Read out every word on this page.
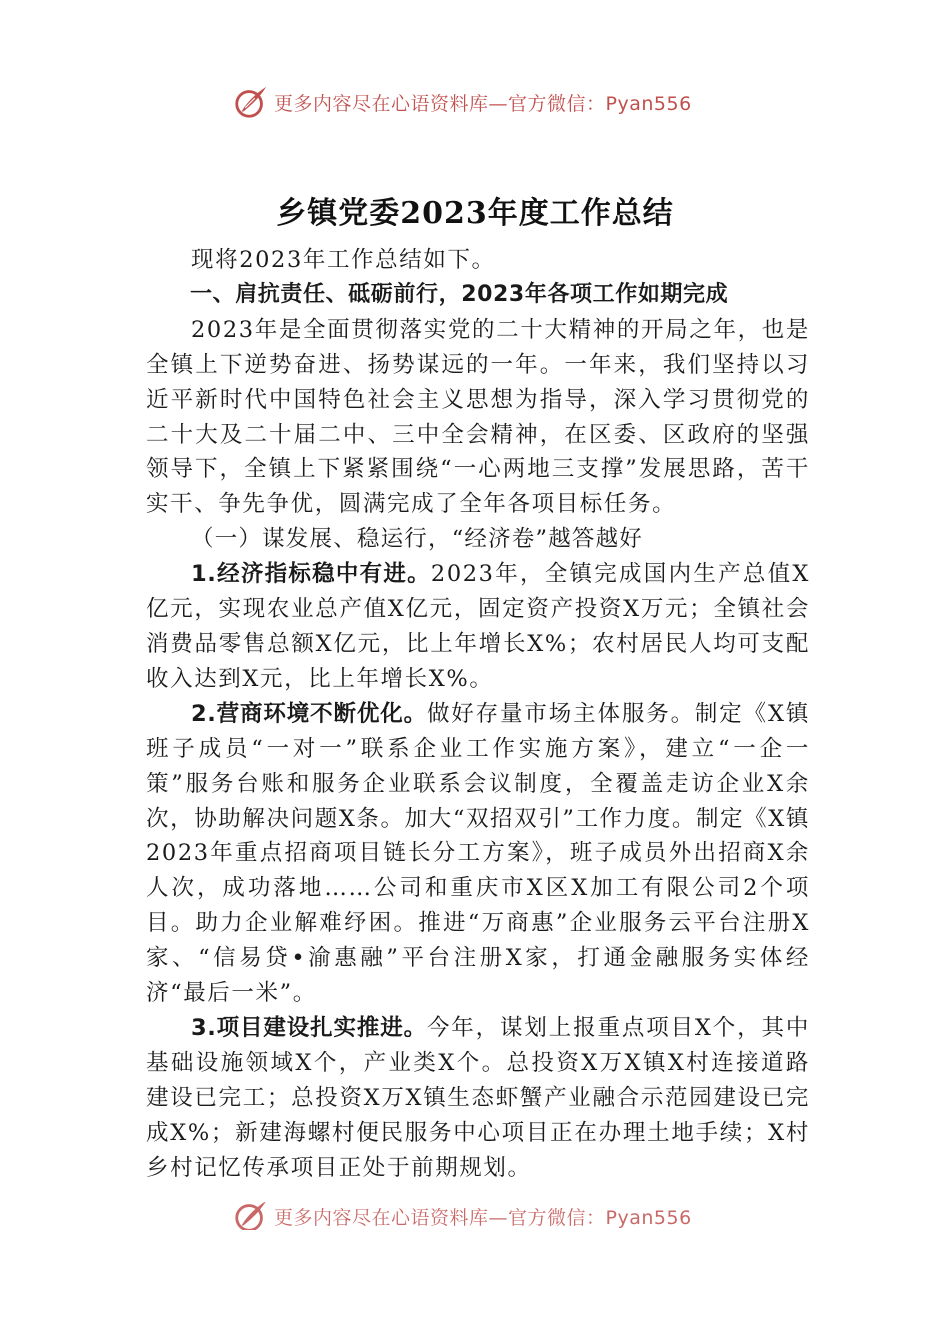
更多内容尽在心语资料库—官方微信：Pyan556
乡镇党委2023年度工作总结

现将2023年工作总结如下。

一、肩抗责任、砥砺前行，2023年各项工作如期完成

2023年是全面贯彻落实党的二十大精神的开局之年，也是全镇上下逆势奋进、扬势谋远的一年。一年来，我们坚持以习近平新时代中国特色社会主义思想为指导，深入学习贯彻党的二十大及二十届二中、三中全会精神，在区委、区政府的坚强领导下，全镇上下紧紧围绕“一心两地三支撑”发展思路，苦干实干、争先争优，圆满完成了全年各项目标任务。

（一）谋发展、稳运行，“经济卷”越答越好

1.经济指标稳中有进。2023年，全镇完成国内生产总值X亿元，实现农业总产值X亿元，固定资产投资X万元；全镇社会消费品零售总额X亿元，比上年增长X%；农村居民人均可支配收入达到X元，比上年增长X%。

2.营商环境不断优化。做好存量市场主体服务。制定《X镇班子成员“一对一”联系企业工作实施方案》，建立“一企一策”服务台账和服务企业联系会议制度，全覆盖走访企业X余次，协助解决问题X条。加大“双招双引”工作力度。制定《X镇2023年重点招商项目链长分工方案》，班子成员外出招商X余人次，成功落地……公司和重庆市X区X加工有限公司2个项目。助力企业解难纾困。推进“万商惠”企业服务云平台注册X家、“信易贷•渝惠融”平台注册X家，打通金融服务实体经济“最后一米”。

3.项目建设扎实推进。今年，谋划上报重点项目X个，其中基础设施领域X个，产业类X个。总投资X万X镇X村连接道路建设已完工；总投资X万X镇生态虾蟹产业融合示范园建设已完成X%；新建海螺村便民服务中心项目正在办理土地手续；X村乡村记忆传承项目正处于前期规划。

更多内容尽在心语资料库—官方微信：Pyan556
